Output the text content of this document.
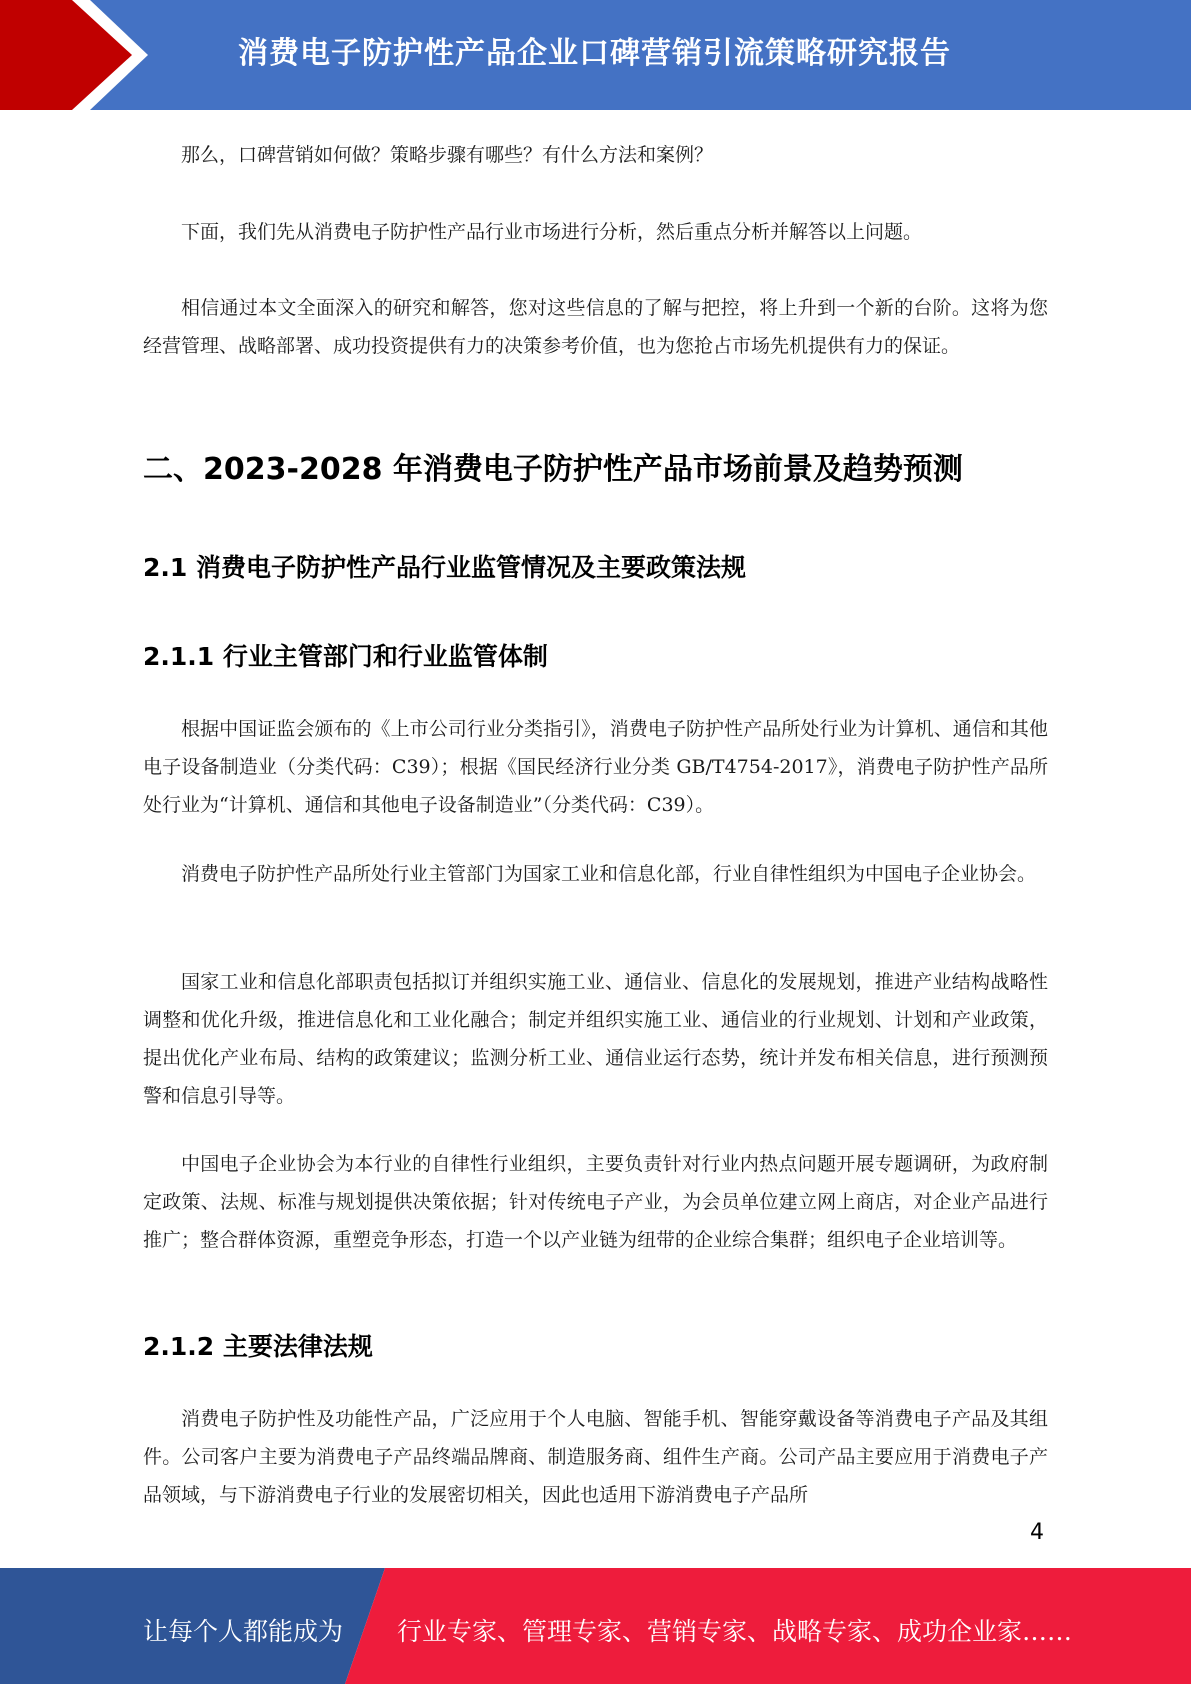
消费电子防护性产品企业口碑营销引流策略研究报告

那么，口碑营销如何做？策略步骤有哪些？有什么方法和案例？

下面，我们先从消费电子防护性产品行业市场进行分析，然后重点分析并解答以上问题。

相信通过本文全面深入的研究和解答，您对这些信息的了解与把控，将上升到一个新的台阶。这将为您经营管理、战略部署、成功投资提供有力的决策参考价值，也为您抢占市场先机提供有力的保证。

二、2023-2028 年消费电子防护性产品市场前景及趋势预测
2.1 消费电子防护性产品行业监管情况及主要政策法规
2.1.1 行业主管部门和行业监管体制

根据中国证监会颁布的《上市公司行业分类指引》，消费电子防护性产品所处行业为计算机、通信和其他电子设备制造业（分类代码：C39）；根据《国民经济行业分类 GB/T4754-2017》，消费电子防护性产品所处行业为“计算机、通信和其他电子设备制造业”（分类代码：C39）。

消费电子防护性产品所处行业主管部门为国家工业和信息化部，行业自律性组织为中国电子企业协会。

国家工业和信息化部职责包括拟订并组织实施工业、通信业、信息化的发展规划，推进产业结构战略性调整和优化升级，推进信息化和工业化融合；制定并组织实施工业、通信业的行业规划、计划和产业政策，提出优化产业布局、结构的政策建议；监测分析工业、通信业运行态势，统计并发布相关信息，进行预测预警和信息引导等。

中国电子企业协会为本行业的自律性行业组织，主要负责针对行业内热点问题开展专题调研，为政府制定政策、法规、标准与规划提供决策依据；针对传统电子产业，为会员单位建立网上商店，对企业产品进行推广；整合群体资源，重塑竞争形态，打造一个以产业链为纽带的企业综合集群；组织电子企业培训等。

2.1.2 主要法律法规

消费电子防护性及功能性产品，广泛应用于个人电脑、智能手机、智能穿戴设备等消费电子产品及其组件。公司客户主要为消费电子产品终端品牌商、制造服务商、组件生产商。公司产品主要应用于消费电子产品领域，与下游消费电子行业的发展密切相关，因此也适用下游消费电子产品所

4
让每个人都能成为 行业专家、管理专家、营销专家、战略专家、成功企业家……
